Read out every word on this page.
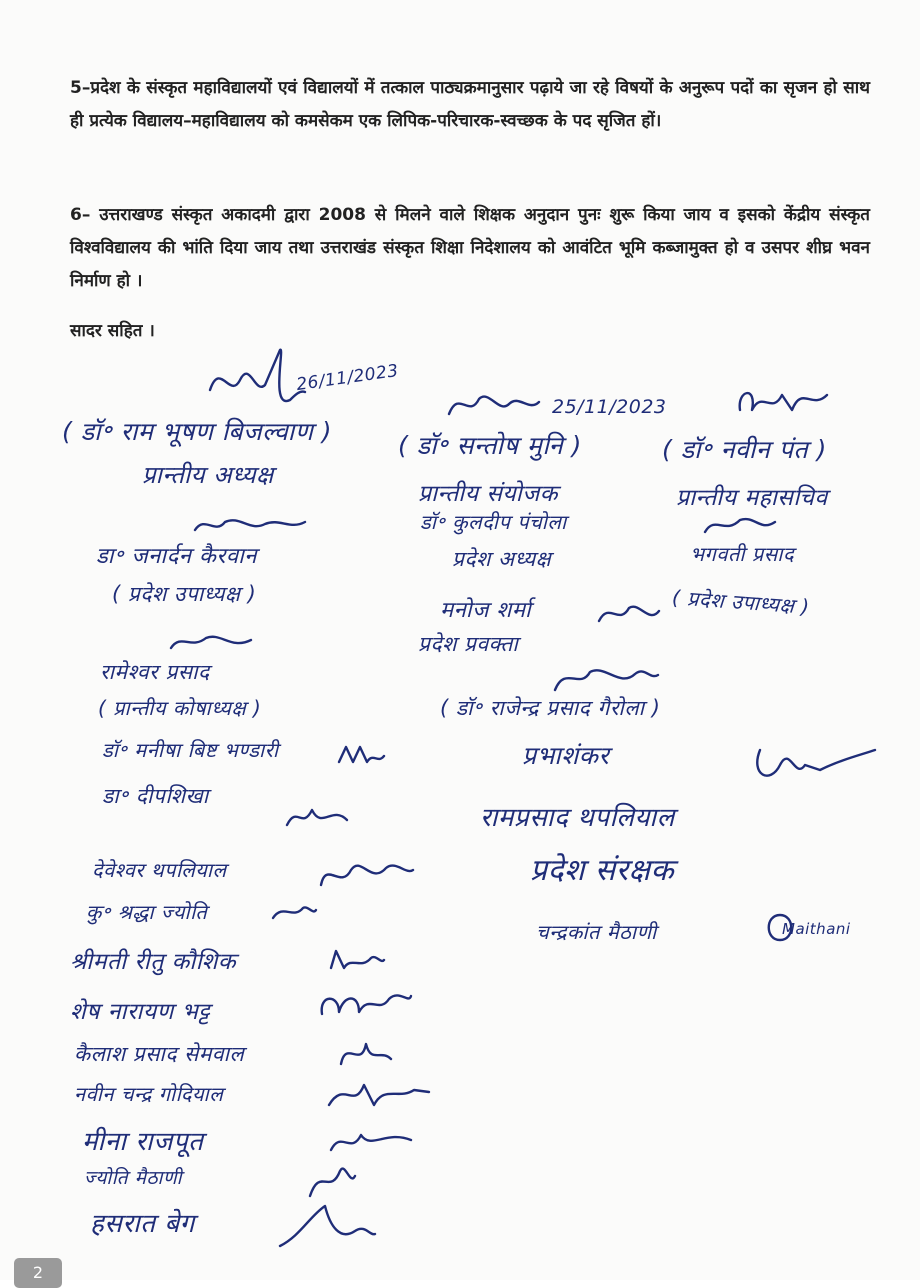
5–प्रदेश के संस्कृत महाविद्यालयों एवं विद्यालयों में तत्काल पाठ्यक्रमानुसार पढ़ाये जा रहे विषयों के अनुरूप पदों का सृजन हो साथ ही प्रत्येक विद्यालय–महाविद्यालय को कमसेकम एक लिपिक-परिचारक-स्वच्छक के पद सृजित हों।
6– उत्तराखण्ड संस्कृत अकादमी द्वारा 2008 से मिलने वाले शिक्षक अनुदान पुनः शुरू किया जाय व इसको केंद्रीय संस्कृत विश्वविद्यालय की भांति दिया जाय तथा उत्तराखंड संस्कृत शिक्षा निदेशालय को आवंटित भूमि कब्जामुक्त हो व उसपर शीघ्र भवन निर्माण हो ।
सादर सहित ।
26/11/2023
( डॉ॰ राम भूषण बिजल्वाण )
प्रान्तीय अध्यक्ष
25/11/2023
( डॉ॰ सन्तोष मुनि )
प्रान्तीय संयोजक
( डॉ॰ नवीन पंत )
प्रान्तीय महासचिव
डा॰ जनार्दन कैरवान
( प्रदेश उपाध्यक्ष )
डॉ॰ कुलदीप पंचोला
प्रदेश अध्यक्ष	भगवती प्रसाद
( प्रदेश उपाध्यक्ष )
मनोज शर्मा
प्रदेश प्रवक्ता
रामेश्वर प्रसाद
( प्रान्तीय कोषाध्यक्ष )	( डॉ॰ राजेन्द्र प्रसाद गैरोला )
डॉ॰ मनीषा बिष्ट भण्डारी	प्रभाशंकर
डा॰ दीपशिखा
रामप्रसाद थपलियाल
प्रदेश संरक्षक
देवेश्वर थपलियाल
कु॰ श्रद्धा ज्योति
चन्द्रकांत मैठाणी	Maithani
श्रीमती रीतु कौशिक
शेष नारायण भट्ट
कैलाश प्रसाद सेमवाल
नवीन चन्द्र गोदियाल
मीना राजपूत
ज्योति मैठाणी
हसरात बेग
2
